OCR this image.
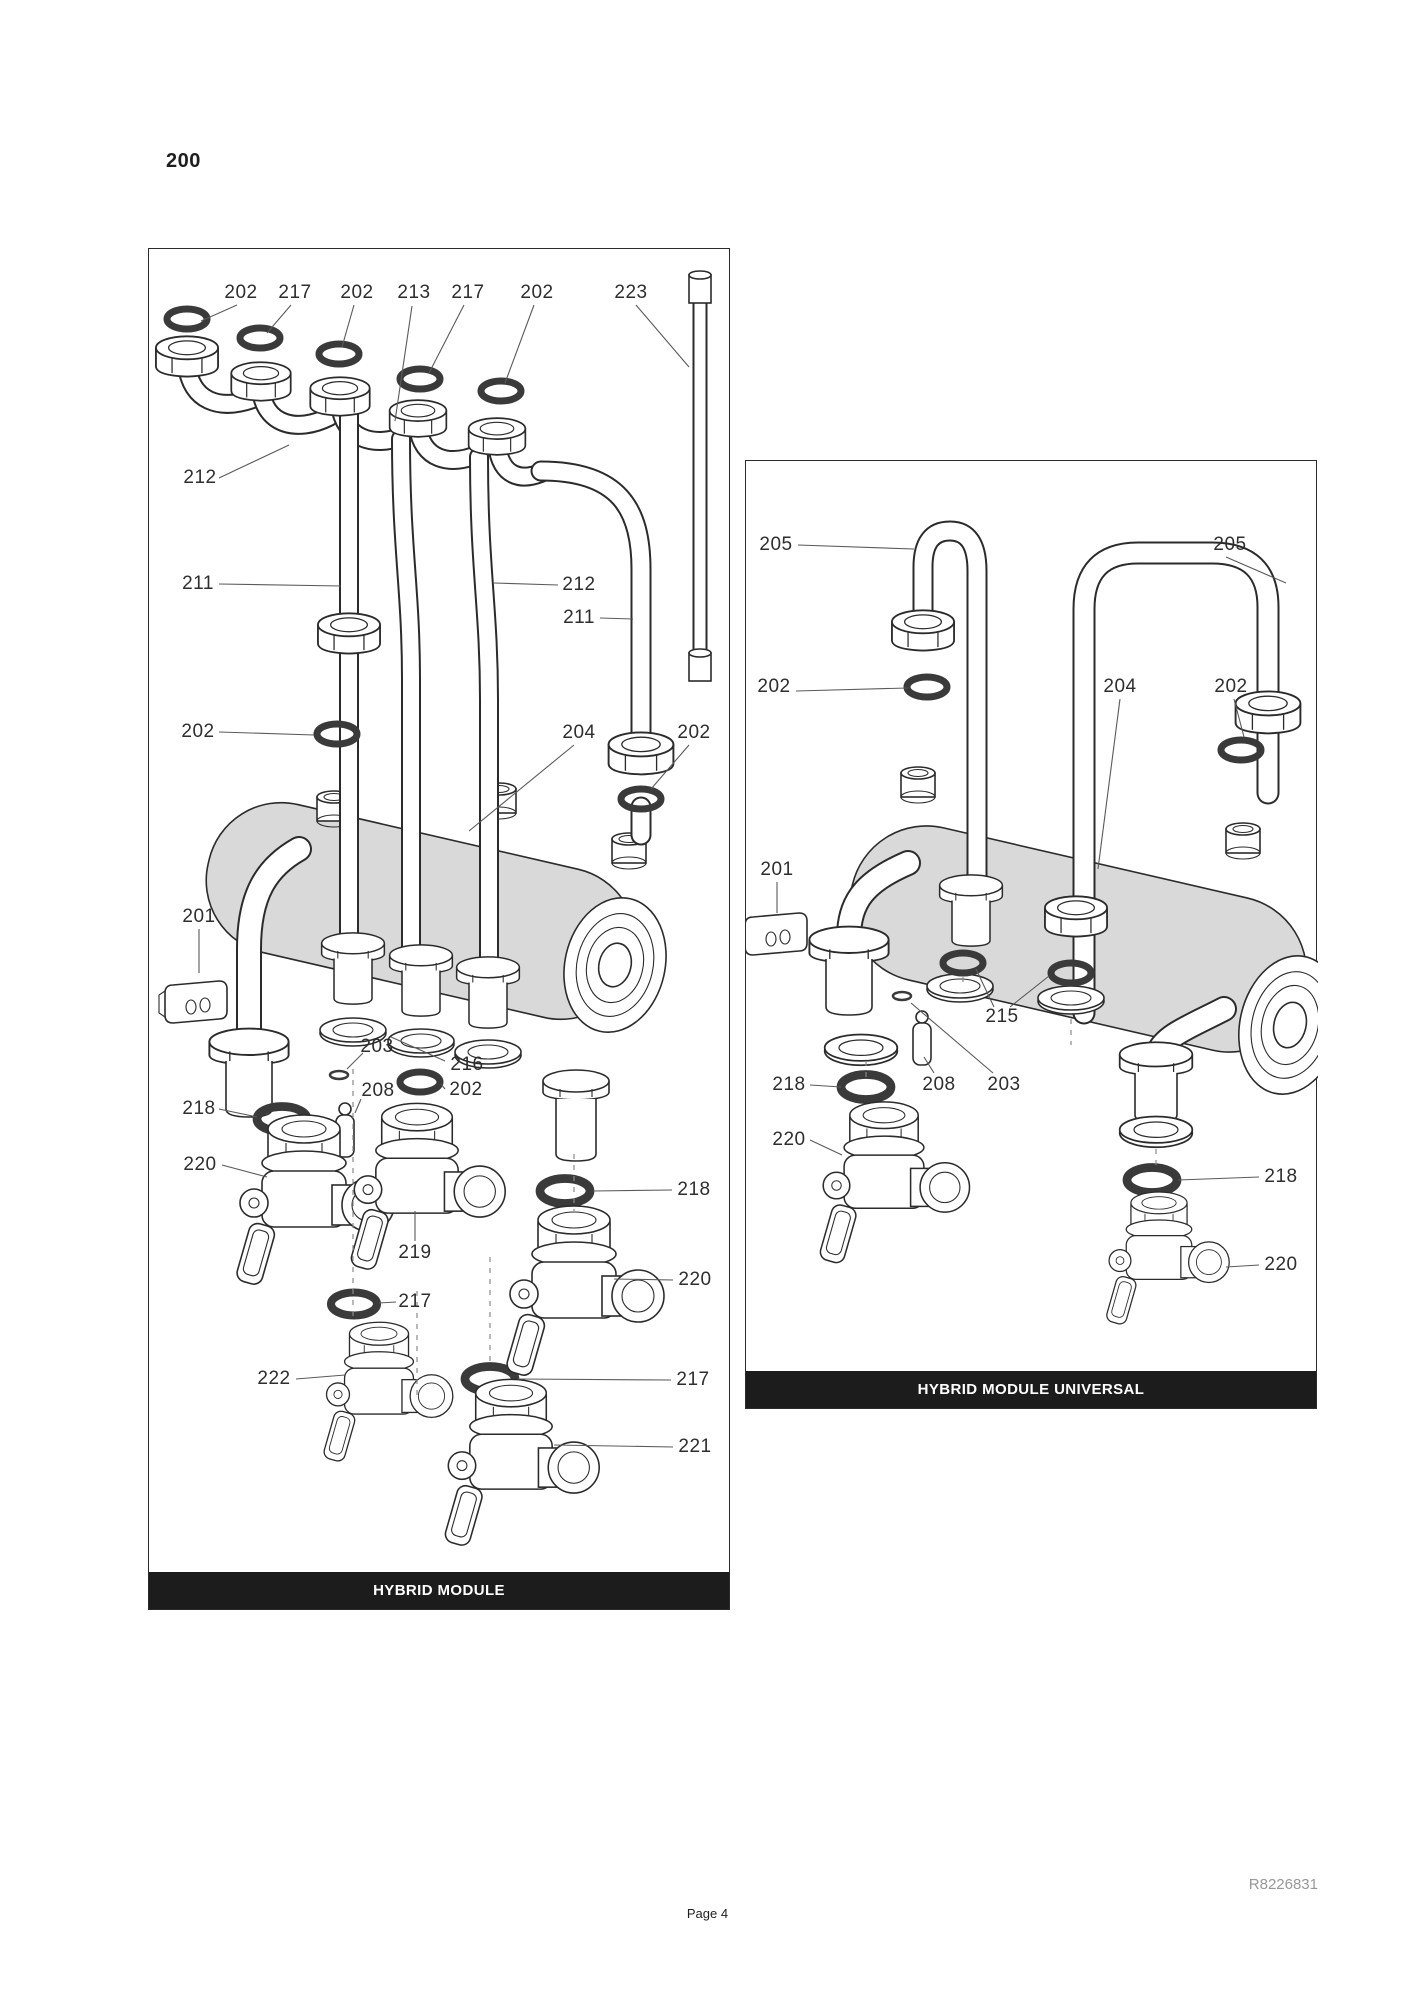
200
202 217 202 213 217 202	223
212
211
202
201
218
220
222
203
216
202
208
219
217
212
211
204	202
218
220
217
221
HYBRID MODULE
205	205
202	204	202
201
215
218	208 203
220
218
220
HYBRID MODULE UNIVERSAL
R8226831
Page 4
